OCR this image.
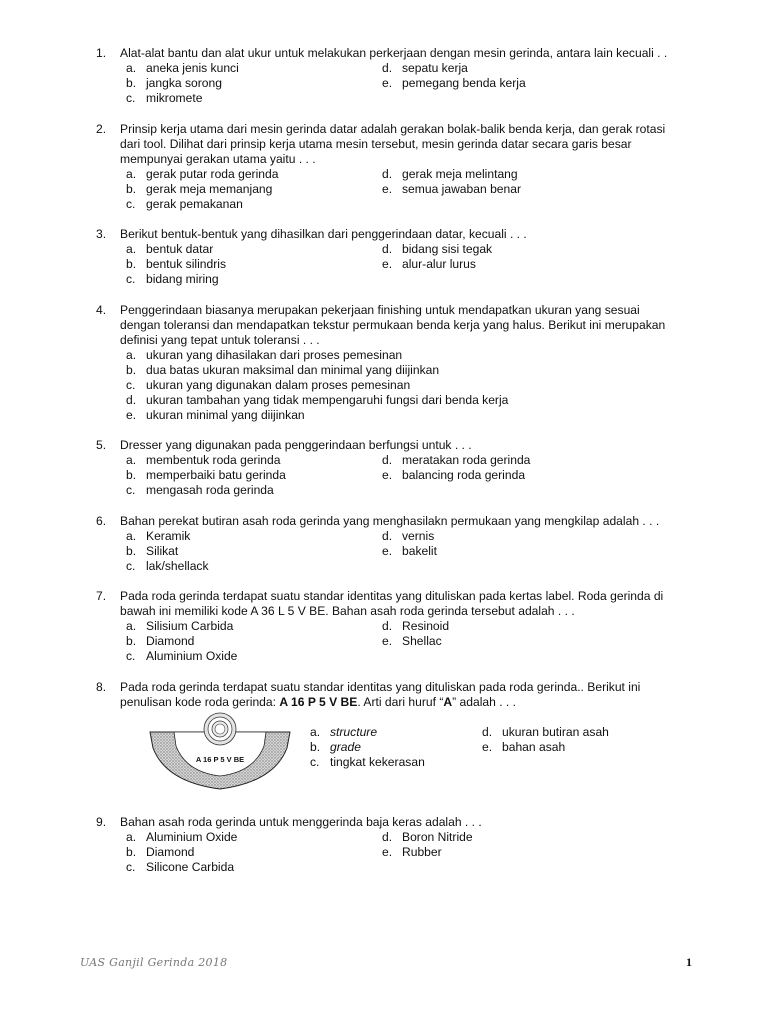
1. Alat-alat bantu dan alat ukur untuk melakukan perkerjaan dengan mesin gerinda, antara lain kecuali . .
a. aneka jenis kunci
b. jangka sorong
c. mikromete
d. sepatu kerja
e. pemegang benda kerja
2. Prinsip kerja utama dari mesin gerinda datar adalah gerakan bolak-balik benda kerja, dan gerak rotasi
dari tool. Dilihat dari prinsip kerja utama mesin tersebut, mesin gerinda datar secara garis besar
mempunyai gerakan utama yaitu . . .
a. gerak putar roda gerinda
b. gerak meja memanjang
c. gerak pemakanan
d. gerak meja melintang
e. semua jawaban benar
3. Berikut bentuk-bentuk yang dihasilkan dari penggerindaan datar, kecuali . . .
a. bentuk datar
b. bentuk silindris
c. bidang miring
d. bidang sisi tegak
e. alur-alur lurus
4. Penggerindaan biasanya merupakan pekerjaan finishing untuk mendapatkan ukuran yang sesuai
dengan toleransi dan mendapatkan tekstur permukaan benda kerja yang halus. Berikut ini merupakan
definisi yang tepat untuk toleransi . . .
a. ukuran yang dihasilakan dari proses pemesinan
b. dua batas ukuran maksimal dan minimal yang diijinkan
c. ukuran yang digunakan dalam proses pemesinan
d. ukuran tambahan yang tidak mempengaruhi fungsi dari benda kerja
e. ukuran minimal yang diijinkan
5. Dresser yang digunakan pada penggerindaan berfungsi untuk . . .
a. membentuk roda gerinda
b. memperbaiki batu gerinda
c. mengasah roda gerinda
d. meratakan roda gerinda
e. balancing roda gerinda
6. Bahan perekat butiran asah roda gerinda yang menghasilakn permukaan yang mengkilap adalah . . .
a. Keramik
b. Silikat
c. lak/shellack
d. vernis
e. bakelit
7. Pada roda gerinda terdapat suatu standar identitas yang dituliskan pada kertas label. Roda gerinda di
bawah ini memiliki kode A 36 L 5 V BE. Bahan asah roda gerinda tersebut adalah . . .
a. Silisium Carbida
b. Diamond
c. Aluminium Oxide
d. Resinoid
e. Shellac
8. Pada roda gerinda terdapat suatu standar identitas yang dituliskan pada roda gerinda.. Berikut ini
penulisan kode roda gerinda: A 16 P 5 V BE. Arti dari huruf “A” adalah . . .
a. structure
b. grade
c. tingkat kekerasan
d. ukuran butiran asah
e. bahan asah
A 16 P 5 V BE
9. Bahan asah roda gerinda untuk menggerinda baja keras adalah . . .
a. Aluminium Oxide
b. Diamond
c. Silicone Carbida
d. Boron Nitride
e. Rubber
UAS Ganjil Gerinda 2018	1
